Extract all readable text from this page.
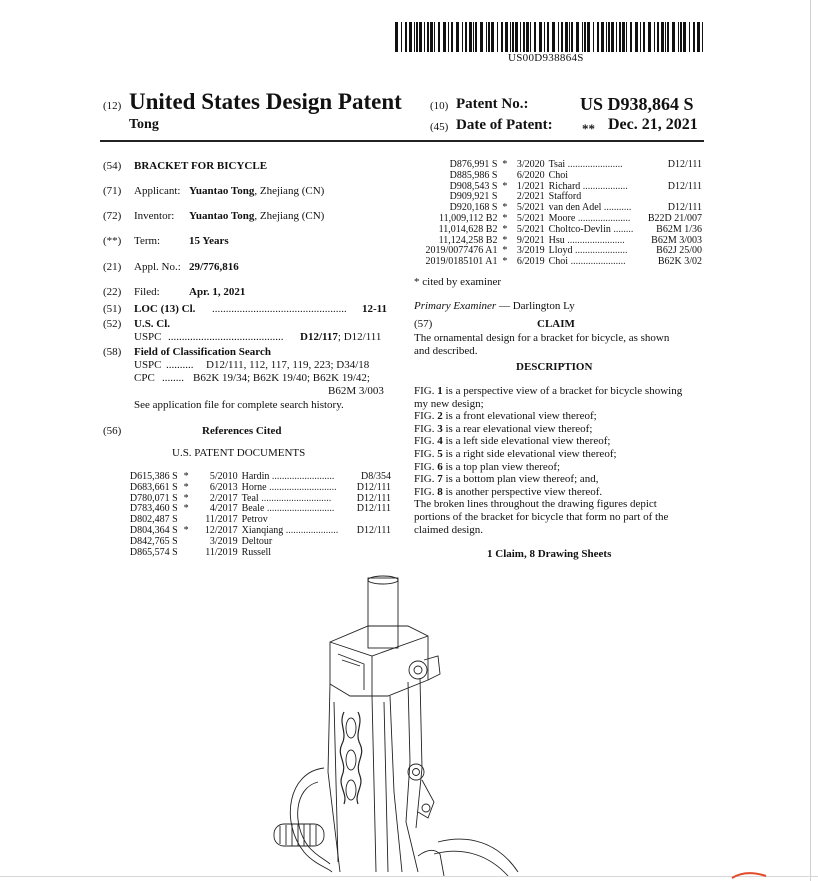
US00D938864S
(12) United States Design Patent
Tong
(10) Patent No.:	US D938,864 S
(45) Date of Patent: ** Dec. 21, 2021
(54) BRACKET FOR BICYCLE
(71) Applicant: Yuantao Tong, Zhejiang (CN)
(72) Inventor: Yuantao Tong, Zhejiang (CN)
(**) Term:	15 Years
(21) Appl. No.: 29/776,816
(22) Filed:	Apr. 1, 2021
(51) LOC (13) Cl. ................................................. 12-11
(52) U.S. Cl.
USPC .......................................... D12/117; D12/111
(58) Field of Classification Search
USPC .......... D12/111, 112, 117, 119, 223; D34/18
CPC ........ B62K 19/34; B62K 19/40; B62K 19/42;
B62M 3/003
See application file for complete search history.
(56)	References Cited
U.S. PATENT DOCUMENTS
D615,386 S	*	5/2010	Hardin .........................	D8/354
D683,661 S	*	6/2013	Horne ...........................	D12/111
D780,071 S	*	2/2017	Teal ............................	D12/111
D783,460 S	*	4/2017	Beale ...........................	D12/111
D802,487 S		11/2017	Petrov	
D804,364 S	*	12/2017	Xianqiang .....................	D12/111
D842,765 S		3/2019	Deltour	
D865,574 S		11/2019	Russell	
D876,991 S	*	3/2020	Tsai ......................	D12/111
D885,986 S		6/2020	Choi	
D908,543 S	*	1/2021	Richard ..................	D12/111
D909,921 S		2/2021	Stafford	
D920,168 S	*	5/2021	van den Adel ...........	D12/111
11,009,112 B2	*	5/2021	Moore .....................	B22D 21/007
11,014,628 B2	*	5/2021	Choltco-Devlin ........	B62M 1/36
11,124,258 B2	*	9/2021	Hsu .......................	B62M 3/003
2019/0077476 A1	*	3/2019	Lloyd .....................	B62J 25/00
2019/0185101 A1	*	6/2019	Choi ......................	B62K 3/02
* cited by examiner
Primary Examiner — Darlington Ly
(57)	CLAIM
The ornamental design for a bracket for bicycle, as shown
and described.
DESCRIPTION
FIG. 1 is a perspective view of a bracket for bicycle showing
my new design;
FIG. 2 is a front elevational view thereof;
FIG. 3 is a rear elevational view thereof;
FIG. 4 is a left side elevational view thereof;
FIG. 5 is a right side elevational view thereof;
FIG. 6 is a top plan view thereof;
FIG. 7 is a bottom plan view thereof; and,
FIG. 8 is another perspective view thereof.
The broken lines throughout the drawing figures depict
portions of the bracket for bicycle that form no part of the
claimed design.
1 Claim, 8 Drawing Sheets
